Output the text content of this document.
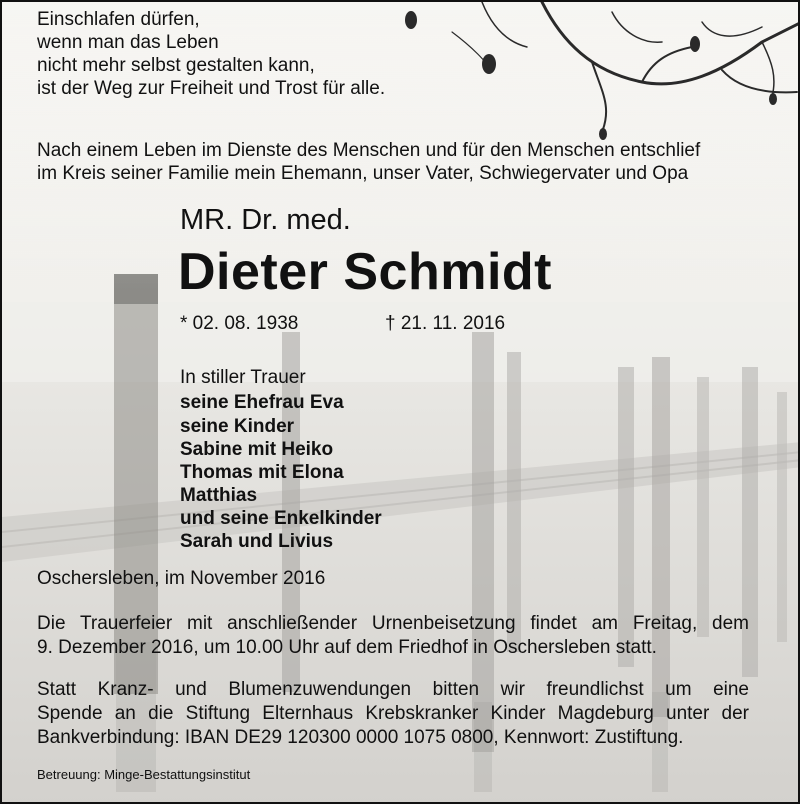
Einschlafen dürfen,

wenn man das Leben

nicht mehr selbst gestalten kann,

ist der Weg zur Freiheit und Trost für alle.

Nach einem Leben im Dienste des Menschen und für den Menschen entschlief

im Kreis seiner Familie mein Ehemann, unser Vater, Schwiegervater und Opa

MR. Dr. med.

Dieter Schmidt

* 02. 08. 1938	† 21. 11. 2016

In stiller Trauer

seine Ehefrau Eva

seine Kinder

Sabine mit Heiko

Thomas mit Elona

Matthias

und seine Enkelkinder

Sarah und Livius

Oschersleben, im November 2016

Die Trauerfeier mit anschließender Urnenbeisetzung findet am Freitag, dem

9. Dezember 2016, um 10.00 Uhr auf dem Friedhof in Oschersleben statt.

Statt Kranz- und Blumenzuwendungen bitten wir freundlichst um eine

Spende an die Stiftung Elternhaus Krebskranker Kinder Magdeburg unter der

Bankverbindung: IBAN DE29 120300 0000 1075 0800, Kennwort: Zustiftung.

Betreuung: Minge-Bestattungsinstitut
